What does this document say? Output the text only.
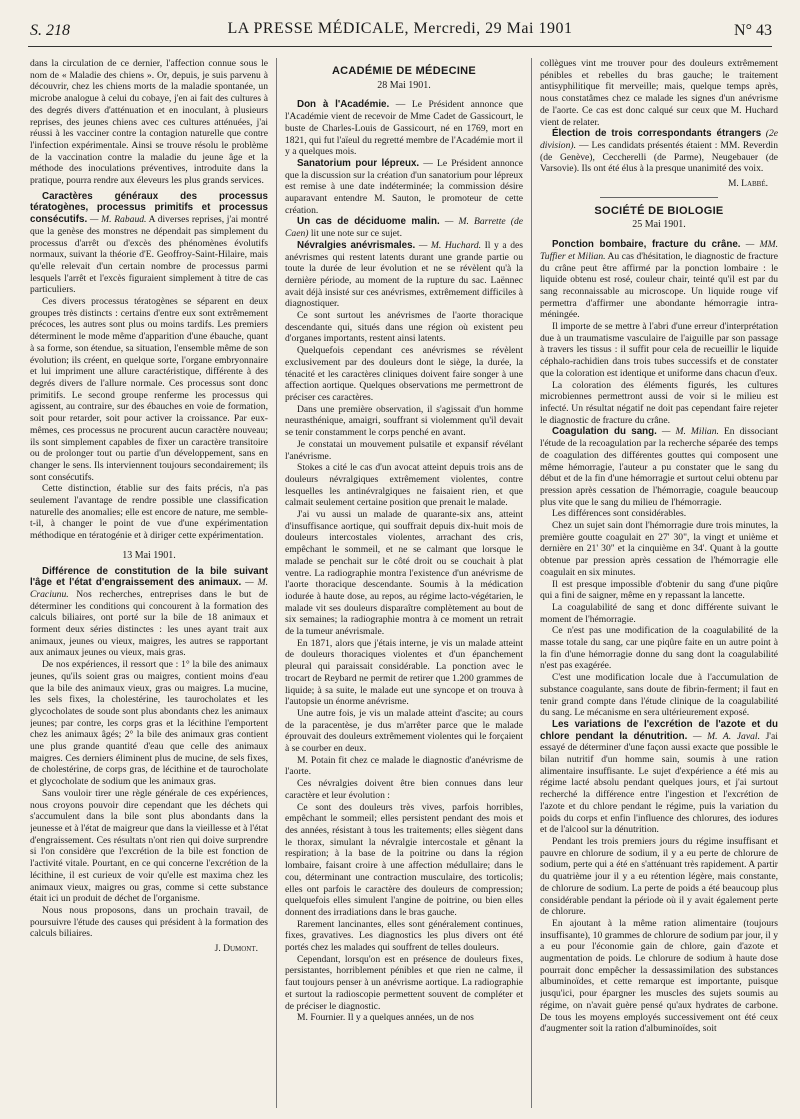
S. 218	LA PRESSE MÉDICALE, Mercredi, 29 Mai 1901	N° 43

dans la circulation de ce dernier, l'affection connue sous le nom de « Maladie des chiens ». Or, depuis, je suis parvenu à découvrir, chez les chiens morts de la maladie spontanée, un microbe analogue à celui du cobaye, j'en ai fait des cultures à des degrés divers d'atténuation et en inoculant, à plusieurs reprises, des jeunes chiens avec ces cultures atténuées, j'ai réussi à les vacciner contre la contagion naturelle que contre l'infection expérimentale. Ainsi se trouve résolu le problème de la vaccination contre la maladie du jeune âge et la méthode des inoculations préventives, introduite dans la pratique, pourra rendre aux éleveurs les plus grands services.

Caractères généraux des processus tératogènes, processus primitifs et processus consécutifs. — M. Rabaud. A diverses reprises, j'ai montré que la genèse des monstres ne dépendait pas simplement du processus d'arrêt ou d'excès des phénomènes évolutifs normaux, suivant la théorie d'E. Geoffroy-Saint-Hilaire, mais qu'elle relevait d'un certain nombre de processus parmi lesquels l'arrêt et l'excès figuraient simplement à titre de cas particuliers.

Ces divers processus tératogènes se séparent en deux groupes très distincts : certains d'entre eux sont extrêmement précoces, les autres sont plus ou moins tardifs. Les premiers déterminent le mode même d'apparition d'une ébauche, quant à sa forme, son étendue, sa situation, l'ensemble même de son évolution; ils créent, en quelque sorte, l'organe embryonnaire et lui impriment une allure caractéristique, différente à des degrés divers de l'allure normale. Ces processus sont donc primitifs. Le second groupe renferme les processus qui agissent, au contraire, sur des ébauches en voie de formation, soit pour retarder, soit pour activer la croissance. Par eux-mêmes, ces processus ne procurent aucun caractère nouveau; ils sont simplement capables de fixer un caractère transitoire ou de prolonger tout ou partie d'un développement, sans en changer le sens. Ils interviennent toujours secondairement; ils sont consécutifs.

Cette distinction, établie sur des faits précis, n'a pas seulement l'avantage de rendre possible une classification naturelle des anomalies; elle est encore de nature, me semble-t-il, à changer le point de vue d'une expérimentation méthodique en tératogénie et à diriger cette expérimentation.

13 Mai 1901.

Différence de constitution de la bile suivant l'âge et l'état d'engraissement des animaux. — M. Craciunu. Nos recherches, entreprises dans le but de déterminer les conditions qui concourent à la formation des calculs biliaires, ont porté sur la bile de 18 animaux et forment deux séries distinctes : les unes ayant trait aux animaux, jeunes ou vieux, maigres, les autres se rapportant aux animaux jeunes ou vieux, mais gras.

De nos expériences, il ressort que : 1° la bile des animaux jeunes, qu'ils soient gras ou maigres, contient moins d'eau que la bile des animaux vieux, gras ou maigres. La mucine, les sels fixes, la cholestérine, les taurocholates et les glycocholates de soude sont plus abondants chez les animaux jeunes; par contre, les corps gras et la lécithine l'emportent chez les animaux âgés; 2° la bile des animaux gras contient une plus grande quantité d'eau que celle des animaux maigres. Ces derniers éliminent plus de mucine, de sels fixes, de cholestérine, de corps gras, de lécithine et de taurocholate et glycocholate de sodium que les animaux gras.

Sans vouloir tirer une règle générale de ces expériences, nous croyons pouvoir dire cependant que les déchets qui s'accumulent dans la bile sont plus abondants dans la jeunesse et à l'état de maigreur que dans la vieillesse et à l'état d'engraissement. Ces résultats n'ont rien qui doive surprendre si l'on considère que l'excrétion de la bile est fonction de l'activité vitale. Pourtant, en ce qui concerne l'excrétion de la lécithine, il est curieux de voir qu'elle est maxima chez les animaux vieux, maigres ou gras, comme si cette substance était ici un produit de déchet de l'organisme.

Nous nous proposons, dans un prochain travail, de poursuivre l'étude des causes qui président à la formation des calculs biliaires.

J. Dumont.
ACADÉMIE DE MÉDECINE
28 Mai 1901.

Don à l'Académie. — Le Président annonce que l'Académie vient de recevoir de Mme Cadet de Gassicourt, le buste de Charles-Louis de Gassicourt, né en 1769, mort en 1821, qui fut l'aïeul du regretté membre de l'Académie mort il y a quelques mois.

Sanatorium pour lépreux. — Le Président annonce que la discussion sur la création d'un sanatorium pour lépreux est remise à une date indéterminée; la commission désire auparavant entendre M. Sauton, le promoteur de cette création.

Un cas de déciduome malin. — M. Barrette (de Caen) lit une note sur ce sujet.

Névralgies anévrismales. — M. Huchard. Il y a des anévrismes qui restent latents durant une grande partie ou toute la durée de leur évolution et ne se révèlent qu'à la dernière période, au moment de la rupture du sac. Laënnec avait déjà insisté sur ces anévrismes, extrêmement difficiles à diagnostiquer.

Ce sont surtout les anévrismes de l'aorte thoracique descendante qui, situés dans une région où existent peu d'organes importants, restent ainsi latents.

Quelquefois cependant ces anévrismes se révèlent exclusivement par des douleurs dont le siège, la durée, la ténacité et les caractères cliniques doivent faire songer à une affection aortique. Quelques observations me permettront de préciser ces caractères.

Dans une première observation, il s'agissait d'un homme neurasthénique, amaigri, souffrant si violemment qu'il devait se tenir constamment le corps penché en avant.

Je constatai un mouvement pulsatile et expansif révélant l'anévrisme.

Stokes a cité le cas d'un avocat atteint depuis trois ans de douleurs névralgiques extrêmement violentes, contre lesquelles les antinévralgiques ne faisaient rien, et que calmait seulement certaine position que prenait le malade.

J'ai vu aussi un malade de quarante-six ans, atteint d'insuffisance aortique, qui souffrait depuis dix-huit mois de douleurs intercostales violentes, arrachant des cris, empêchant le sommeil, et ne se calmant que lorsque le malade se penchait sur le côté droit ou se couchait à plat ventre. La radiographie montra l'existence d'un anévrisme de l'aorte thoracique descendante. Soumis à la médication iodurée à haute dose, au repos, au régime lacto-végétarien, le malade vit ses douleurs disparaître complètement au bout de six semaines; la radiographie montra à ce moment un retrait de la tumeur anévrismale.

En 1871, alors que j'étais interne, je vis un malade atteint de douleurs thoraciques violentes et d'un épanchement pleural qui paraissait considérable. La ponction avec le trocart de Reybard ne permit de retirer que 1.200 grammes de liquide; à sa suite, le malade eut une syncope et on trouva à l'autopsie un énorme anévrisme.

Une autre fois, je vis un malade atteint d'ascite; au cours de la paracentèse, je dus m'arrêter parce que le malade éprouvait des douleurs extrêmement violentes qui le forçaient à se courber en deux.

M. Potain fit chez ce malade le diagnostic d'anévrisme de l'aorte.

Ces névralgies doivent être bien connues dans leur caractère et leur évolution :

Ce sont des douleurs très vives, parfois horribles, empêchant le sommeil; elles persistent pendant des mois et des années, résistant à tous les traitements; elles siègent dans le thorax, simulant la névralgie intercostale et gênant la respiration; à la base de la poitrine ou dans la région lombaire, faisant croire à une affection médullaire; dans le cou, déterminant une contraction musculaire, des torticolis; elles ont parfois le caractère des douleurs de compression; quelquefois elles simulent l'angine de poitrine, ou bien elles donnent des irradiations dans le bras gauche.

Rarement lancinantes, elles sont généralement continues, fixes, gravatives. Les diagnostics les plus divers ont été portés chez les malades qui souffrent de telles douleurs.

Cependant, lorsqu'on est en présence de douleurs fixes, persistantes, horriblement pénibles et que rien ne calme, il faut toujours penser à un anévrisme aortique. La radiographie et surtout la radioscopie permettent souvent de compléter et de préciser le diagnostic.

M. Fournier. Il y a quelques années, un de nos

collègues vint me trouver pour des douleurs extrêmement pénibles et rebelles du bras gauche; le traitement antisyphilitique fit merveille; mais, quelque temps après, nous constatâmes chez ce malade les signes d'un anévrisme de l'aorte. Ce cas est donc calqué sur ceux que M. Huchard vient de relater.

Élection de trois correspondants étrangers (2e division). — Les candidats présentés étaient : MM. Reverdin (de Genève), Ceccherelli (de Parme), Neugebauer (de Varsovie). Ils ont été élus à la presque unanimité des voix.

M. Labbé.
SOCIÉTÉ DE BIOLOGIE
25 Mai 1901.

Ponction bombaire, fracture du crâne. — MM. Tuffier et Milian. Au cas d'hésitation, le diagnostic de fracture du crâne peut être affirmé par la ponction lombaire : le liquide obtenu est rosé, couleur chair, teinté qu'il est par du sang reconnaissable au microscope. Un liquide rouge vif permettra d'affirmer une abondante hémorragie intra-méningée.

Il importe de se mettre à l'abri d'une erreur d'interprétation due à un traumatisme vasculaire de l'aiguille par son passage à travers les tissus : il suffit pour cela de recueillir le liquide céphalo-rachidien dans trois tubes successifs et de constater que la coloration est identique et uniforme dans chacun d'eux.

La coloration des éléments figurés, les cultures microbiennes permettront aussi de voir si le milieu est infecté. Un résultat négatif ne doit pas cependant faire rejeter le diagnostic de fracture du crâne.

Coagulation du sang. — M. Milian. En dissociant l'étude de la recoagulation par la recherche séparée des temps de coagulation des différentes gouttes qui composent une même hémorragie, l'auteur a pu constater que le sang du début et de la fin d'une hémorragie et surtout celui obtenu par pression après cessation de l'hémorragie, coagule beaucoup plus vite que le sang du milieu de l'hémorragie.

Les différences sont considérables.

Chez un sujet sain dont l'hémorragie dure trois minutes, la première goutte coagulait en 27' 30", la vingt et unième et dernière en 21' 30" et la cinquième en 34'. Quant à la goutte obtenue par pression après cessation de l'hémorragie elle coagulait en six minutes.

Il est presque impossible d'obtenir du sang d'une piqûre qui a fini de saigner, même en y repassant la lancette.

La coagulabilité de sang et donc différente suivant le moment de l'hémorragie.

Ce n'est pas une modification de la coagulabilité de la masse totale du sang, car une piqûre faite en un autre point à la fin d'une hémorragie donne du sang dont la coagulabilité n'est pas exagérée.

C'est une modification locale due à l'accumulation de substance coagulante, sans doute de fibrin-ferment; il faut en tenir grand compte dans l'étude clinique de la coagulabilité du sang. Le mécanisme en sera ultérieurement exposé.

Les variations de l'excrétion de l'azote et du chlore pendant la dénutrition. — M. A. Javal. J'ai essayé de déterminer d'une façon aussi exacte que possible le bilan nutritif d'un homme sain, soumis à une ration alimentaire insuffisante. Le sujet d'expérience a été mis au régime lacté absolu pendant quelques jours, et j'ai surtout recherché la différence entre l'ingestion et l'excrétion de l'azote et du chlore pendant le régime, puis la variation du poids du corps et enfin l'influence des chlorures, des iodures et de l'alcool sur la dénutrition.

Pendant les trois premiers jours du régime insuffisant et pauvre en chlorure de sodium, il y a eu perte de chlorure de sodium, perte qui a été en s'atténuant très rapidement. A partir du quatrième jour il y a eu rétention légère, mais constante, de chlorure de sodium. La perte de poids a été beaucoup plus considérable pendant la période où il y avait également perte de chlorure.

En ajoutant à la même ration alimentaire (toujours insuffisante), 10 grammes de chlorure de sodium par jour, il y a eu pour l'économie gain de chlore, gain d'azote et augmentation de poids. Le chlorure de sodium à haute dose pourrait donc empêcher la dessassimilation des substances albuminoïdes, et cette remarque est importante, puisque jusqu'ici, pour épargner les muscles des sujets soumis au régime, on n'avait guère pensé qu'aux hydrates de carbone. De tous les moyens employés successivement ont été ceux d'augmenter soit la ration d'albuminoïdes, soit
